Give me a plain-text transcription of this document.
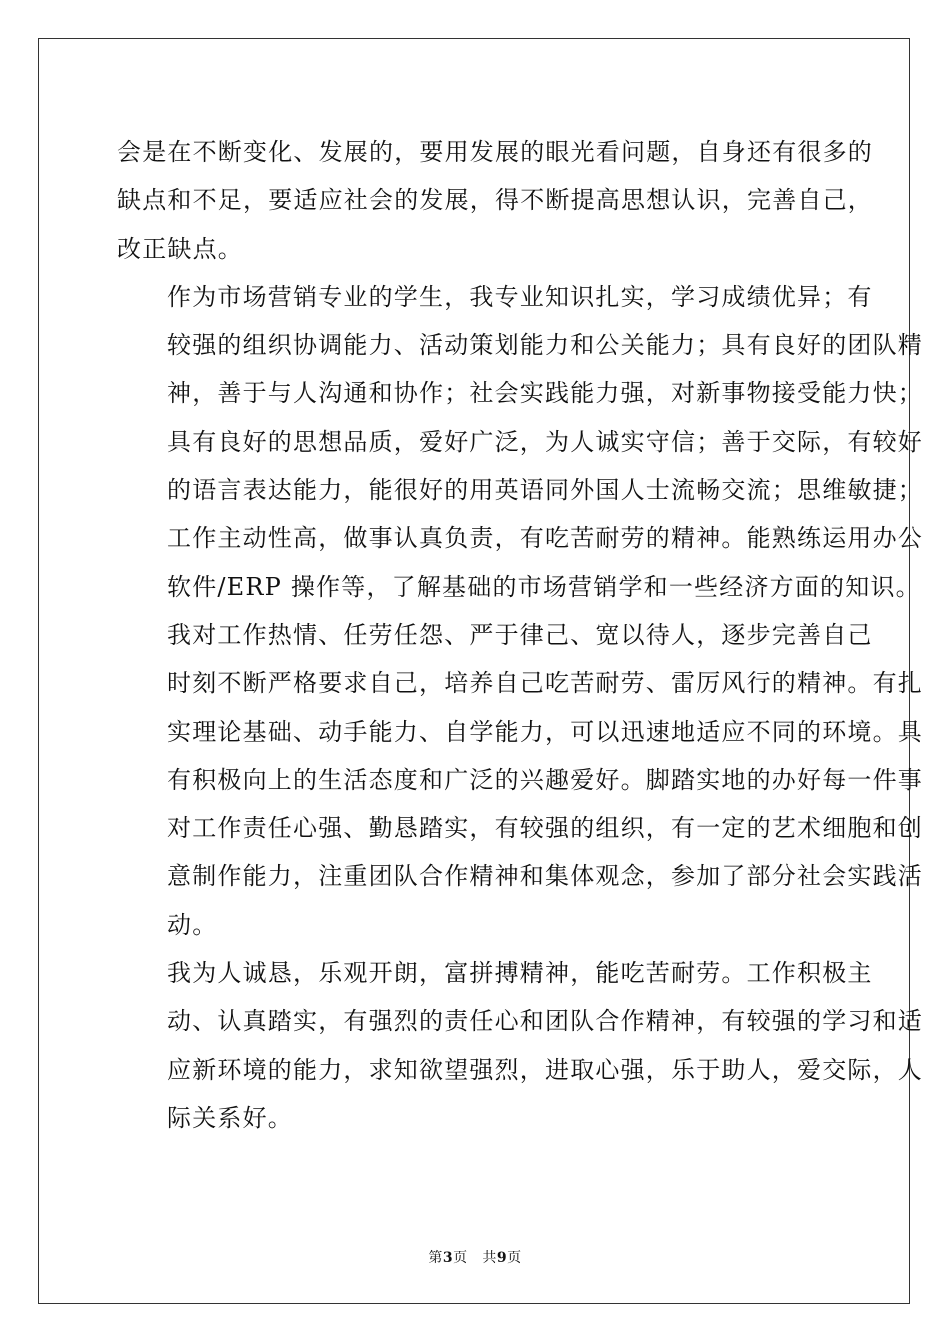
会是在不断变化、发展的，要用发展的眼光看问题，自身还有很多的
缺点和不足，要适应社会的发展，得不断提高思想认识，完善自己，
改正缺点。

作为市场营销专业的学生，我专业知识扎实，学习成绩优异；有
较强的组织协调能力、活动策划能力和公关能力；具有良好的团队精
神，善于与人沟通和协作；社会实践能力强，对新事物接受能力快；
具有良好的思想品质，爱好广泛，为人诚实守信；善于交际，有较好
的语言表达能力，能很好的用英语同外国人士流畅交流；思维敏捷；
工作主动性高，做事认真负责，有吃苦耐劳的精神。能熟练运用办公
软件/ERP 操作等，了解基础的市场营销学和一些经济方面的知识。

我对工作热情、任劳任怨、严于律己、宽以待人，逐步完善自己
时刻不断严格要求自己，培养自己吃苦耐劳、雷厉风行的精神。有扎
实理论基础、动手能力、自学能力，可以迅速地适应不同的环境。具
有积极向上的生活态度和广泛的兴趣爱好。脚踏实地的办好每一件事
对工作责任心强、勤恳踏实，有较强的组织，有一定的艺术细胞和创
意制作能力，注重团队合作精神和集体观念，参加了部分社会实践活
动。

我为人诚恳，乐观开朗，富拼搏精神，能吃苦耐劳。工作积极主
动、认真踏实，有强烈的责任心和团队合作精神，有较强的学习和适
应新环境的能力，求知欲望强烈，进取心强，乐于助人，爱交际，人
际关系好。

第3页 共9页
